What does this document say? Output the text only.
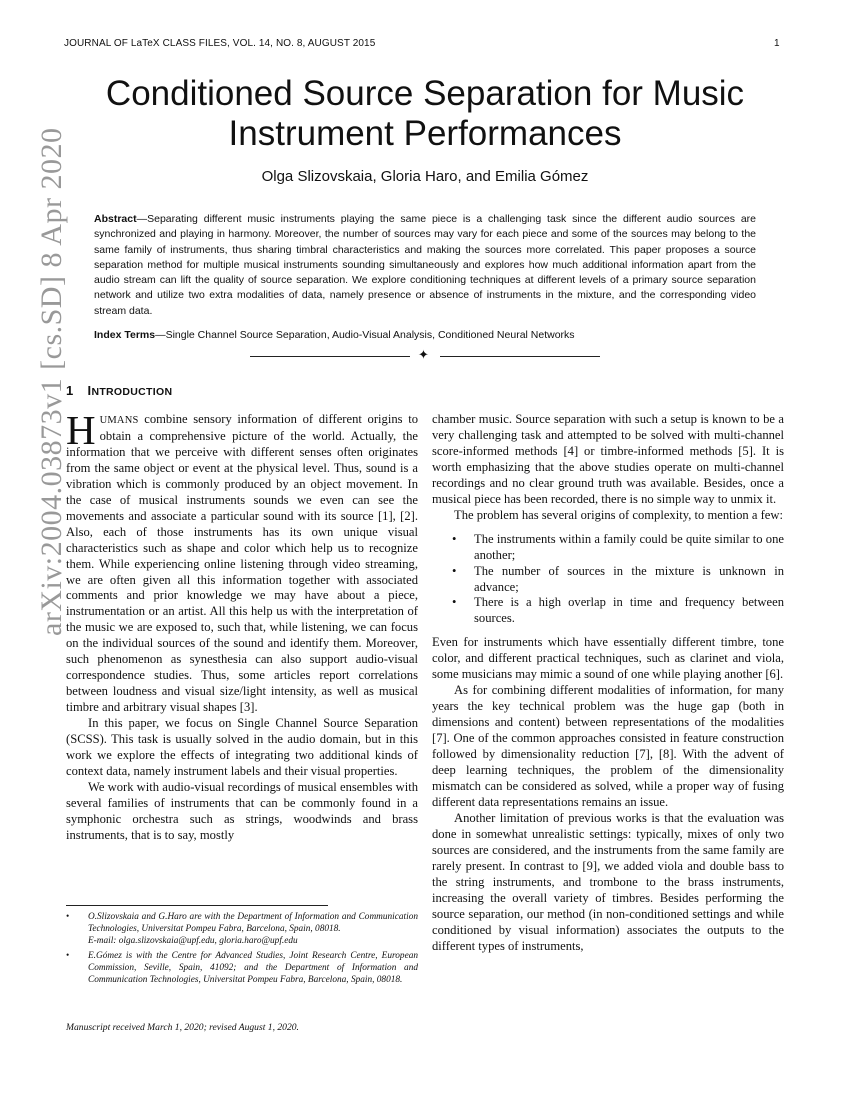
JOURNAL OF LaTeX CLASS FILES, VOL. 14, NO. 8, AUGUST 2015	1
arXiv:2004.03873v1 [cs.SD] 8 Apr 2020
Conditioned Source Separation for Music Instrument Performances
Olga Slizovskaia, Gloria Haro, and Emilia Gómez
Abstract—Separating different music instruments playing the same piece is a challenging task since the different audio sources are synchronized and playing in harmony. Moreover, the number of sources may vary for each piece and some of the sources may belong to the same family of instruments, thus sharing timbral characteristics and making the sources more correlated. This paper proposes a source separation method for multiple musical instruments sounding simultaneously and explores how much additional information apart from the audio stream can lift the quality of source separation. We explore conditioning techniques at different levels of a primary source separation network and utilize two extra modalities of data, namely presence or absence of instruments in the mixture, and the corresponding video stream data.
Index Terms—Single Channel Source Separation, Audio-Visual Analysis, Conditioned Neural Networks
✦
1 INTRODUCTION

HUMANS combine sensory information of different origins to obtain a comprehensive picture of the world. Actually, the information that we perceive with different senses often originates from the same object or event at the physical level. Thus, sound is a vibration which is commonly produced by an object movement. In the case of musical instruments sounds we even can see the movements and associate a particular sound with its source [1], [2]. Also, each of those instruments has its own unique visual characteristics such as shape and color which help us to recognize them. While experiencing online listening through video streaming, we are often given all this information together with associated comments and prior knowledge we may have about a piece, instrumentation or an artist. All this help us with the interpretation of the music we are exposed to, such that, while listening, we can focus on the individual sources of the sound and identify them. Moreover, such phenomenon as synesthesia can also support audio-visual correspondence studies. Thus, some articles report correlations between loudness and visual size/light intensity, as well as musical timbre and arbitrary visual shapes [3].

In this paper, we focus on Single Channel Source Separation (SCSS). This task is usually solved in the audio domain, but in this work we explore the effects of integrating two additional kinds of context data, namely instrument labels and their visual properties.

We work with audio-visual recordings of musical ensembles with several families of instruments that can be commonly found in a symphonic orchestra such as strings, woodwinds and brass instruments, that is to say, mostly

chamber music. Source separation with such a setup is known to be a very challenging task and attempted to be solved with multi-channel score-informed methods [4] or timbre-informed methods [5]. It is worth emphasizing that the above studies operate on multi-channel recordings and no clear ground truth was available. Besides, once a musical piece has been recorded, there is no simple way to unmix it.

The problem has several origins of complexity, to mention a few:

• The instruments within a family could be quite similar to one another;
• The number of sources in the mixture is unknown in advance;
• There is a high overlap in time and frequency between sources.

Even for instruments which have essentially different timbre, tone color, and different practical techniques, such as clarinet and viola, some musicians may mimic a sound of one while playing another [6].

As for combining different modalities of information, for many years the key technical problem was the huge gap (both in dimensions and content) between representations of the modalities [7]. One of the common approaches consisted in feature construction followed by dimensionality reduction [7], [8]. With the advent of deep learning techniques, the problem of the dimensionality mismatch can be considered as solved, while a proper way of fusing different data representations remains an issue.

Another limitation of previous works is that the evaluation was done in somewhat unrealistic settings: typically, mixes of only two sources are considered, and the instruments from the same family are rarely present. In contrast to [9], we added viola and double bass to the string instruments, and trombone to the brass instruments, increasing the overall variety of timbres. Besides performing the source separation, our method (in non-conditioned settings and while conditioned by visual information) associates the outputs to the different types of instruments,

• O.Slizovskaia and G.Haro are with the Department of Information and Communication Technologies, Universitat Pompeu Fabra, Barcelona, Spain, 08018.
E-mail: olga.slizovskaia@upf.edu, gloria.haro@upf.edu
• E.Gómez is with the Centre for Advanced Studies, Joint Research Centre, European Commission, Seville, Spain, 41092; and the Department of Information and Communication Technologies, Universitat Pompeu Fabra, Barcelona, Spain, 08018.
Manuscript received March 1, 2020; revised August 1, 2020.
